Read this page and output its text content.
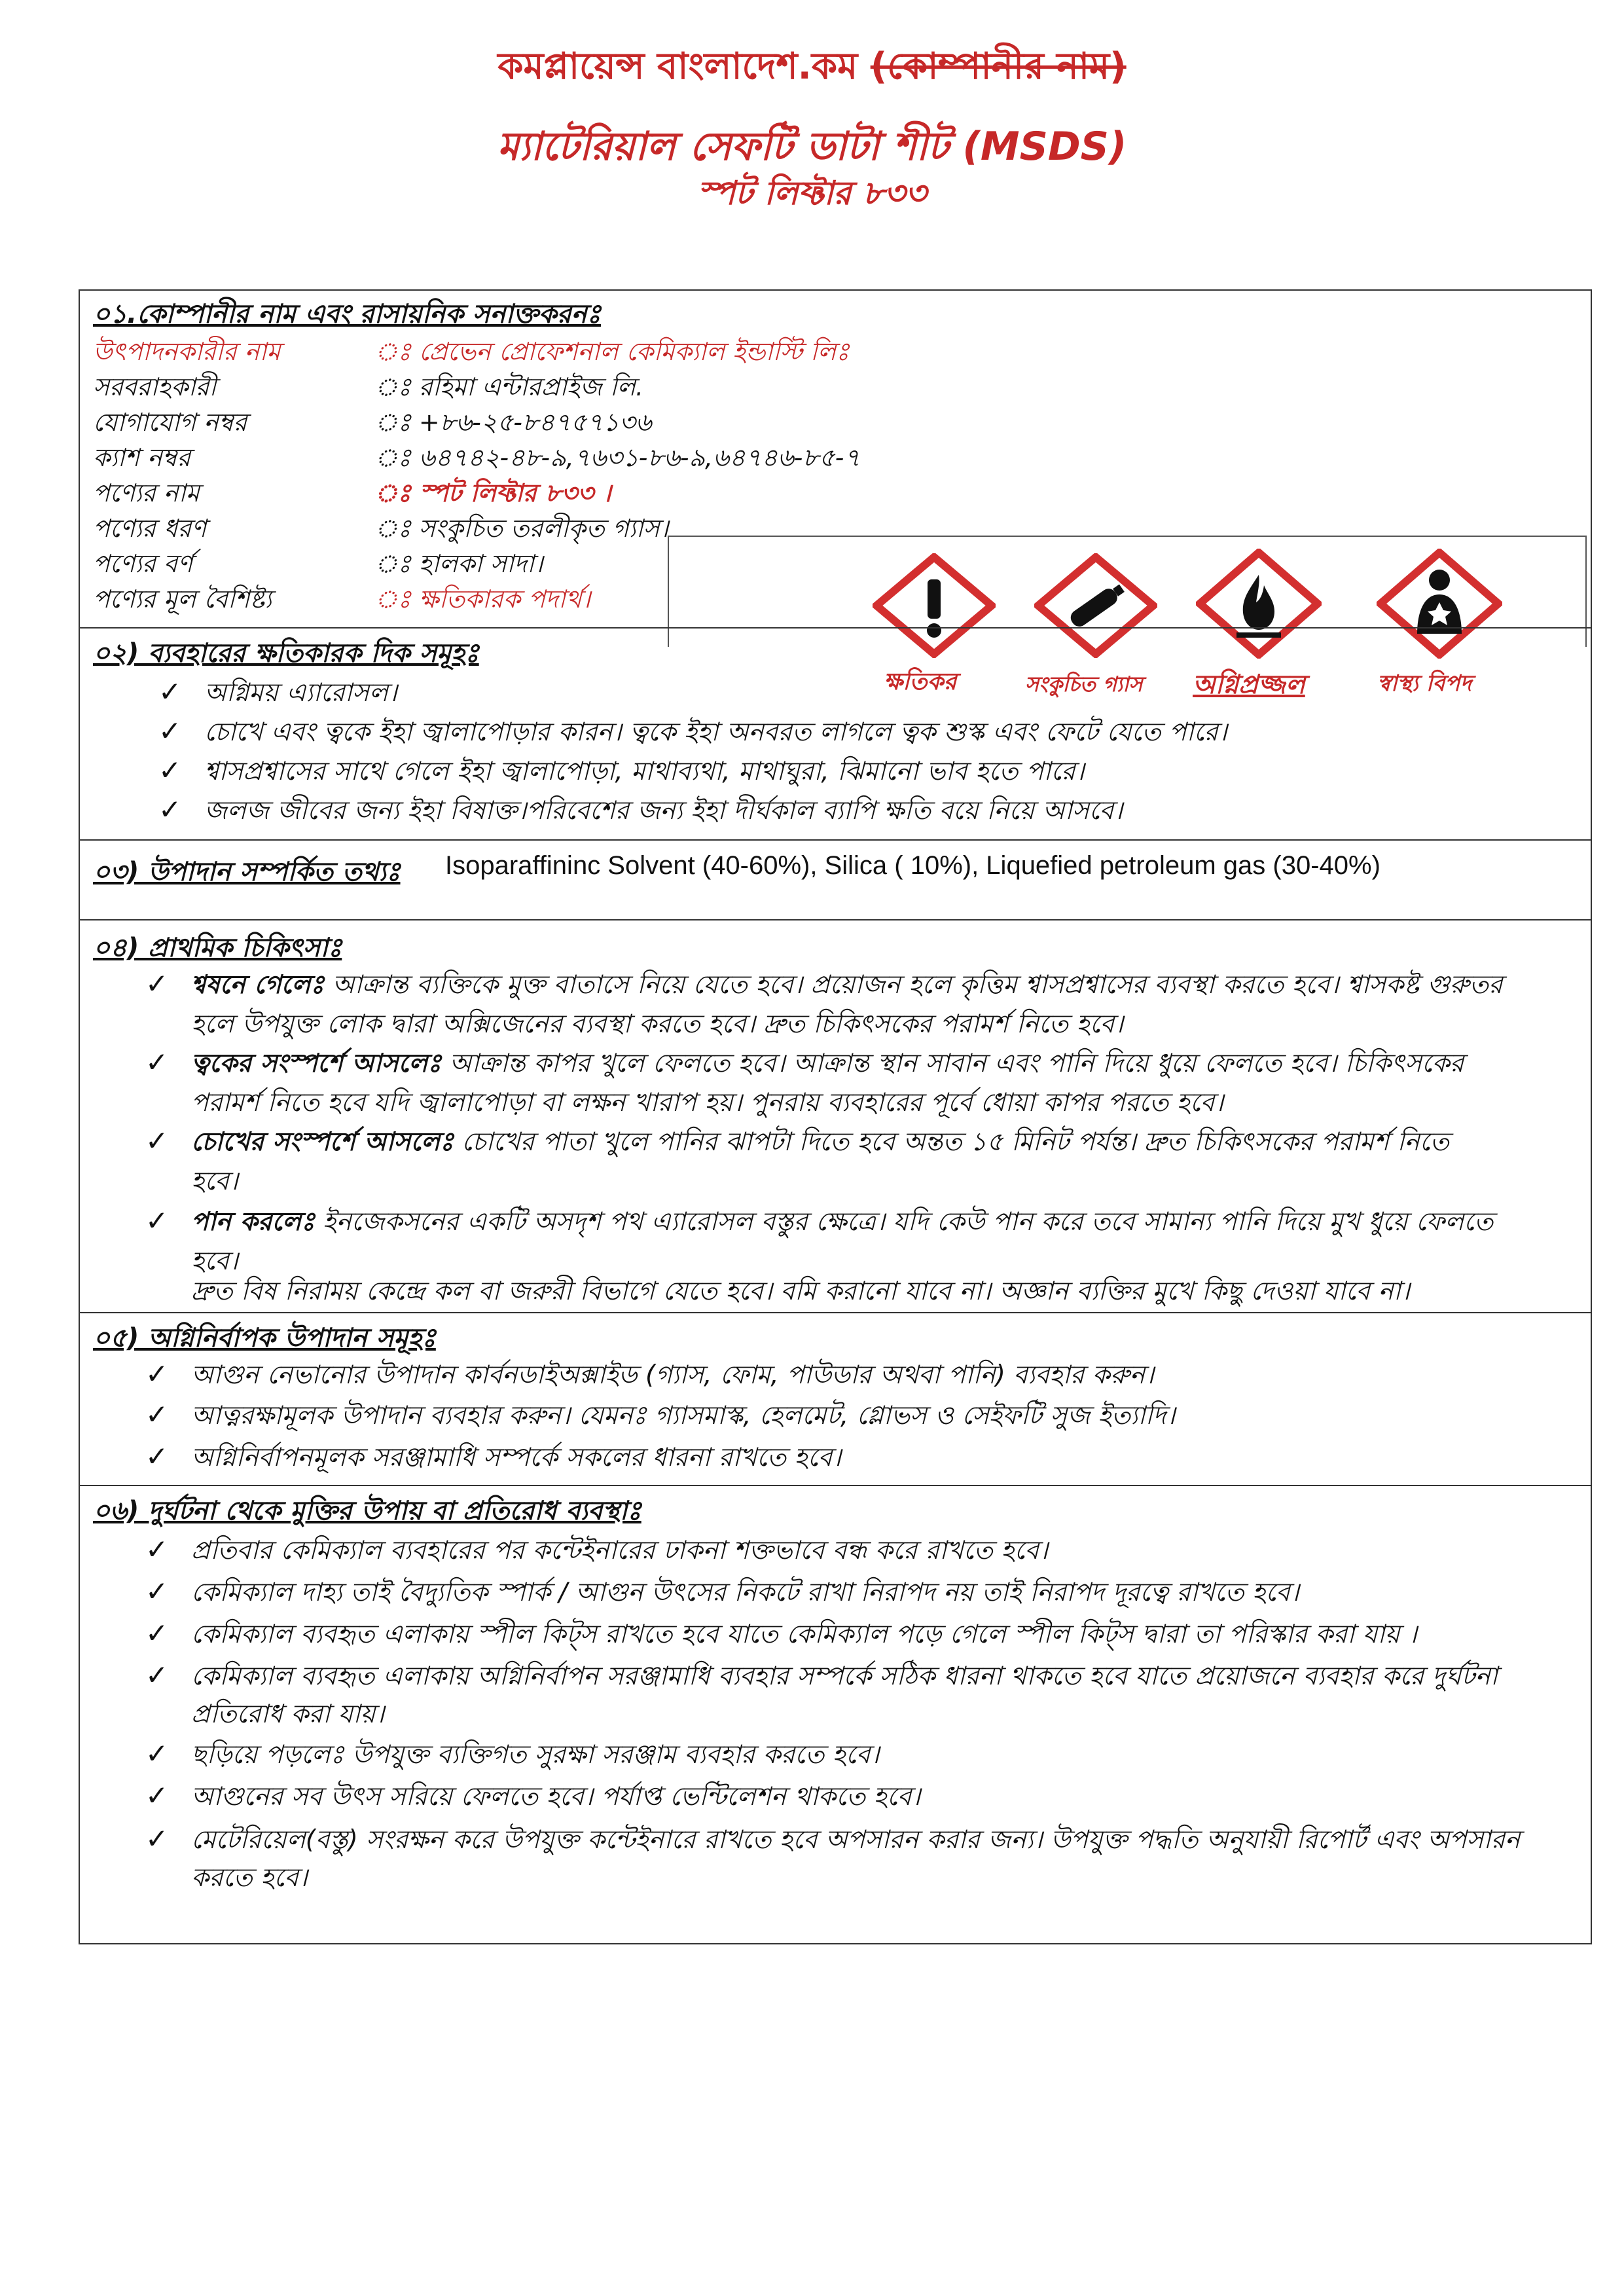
কমপ্লায়েন্স বাংলাদেশ.কম (কোম্পানীর নাম)
ম্যাটেরিয়াল সেফটি ডাটা শীট (MSDS)
স্পট লিফ্টার ৮৩৩
০১.কোম্পানীর নাম এবং রাসায়নিক সনাক্তকরনঃ
উৎপাদনকারীর নাম	ঃ প্রেভেন প্রোফেশনাল কেমিক্যাল ইন্ডাস্টি লিঃ
সরবরাহকারী	ঃ রহিমা এন্টারপ্রাইজ লি.
যোগাযোগ নম্বর	ঃ +৮৬-২৫-৮৪৭৫৭১৩৬
ক্যাশ নম্বর	ঃ ৬৪৭৪২-৪৮-৯,৭৬৩১-৮৬-৯,৬৪৭৪৬-৮৫-৭
পণ্যের নাম	ঃ স্পট লিফ্টার ৮৩৩ ।
পণ্যের ধরণ	ঃ সংকুচিত তরলীকৃত গ্যাস।
পণ্যের বর্ণ	ঃ হালকা সাদা।
পণ্যের মূল বৈশিষ্ট্য	ঃ ক্ষতিকারক পদার্থ।
ক্ষতিকর	সংকুচিত গ্যাস অগ্নিপ্রজ্জল	স্বাস্থ্য বিপদ
০২) ব্যবহারের ক্ষতিকারক দিক সমূহঃ
✓ অগ্নিময় এ্যারোসল।
✓ চোখে এবং ত্বকে ইহা জ্বালাপোড়ার কারন। ত্বকে ইহা অনবরত লাগলে ত্বক শুস্ক এবং ফেটে যেতে পারে।
✓ শ্বাসপ্রশ্বাসের সাথে গেলে ইহা জ্বালাপোড়া, মাথাব্যথা, মাথাঘুরা, ঝিমানো ভাব হতে পারে।
✓ জলজ জীবের জন্য ইহা বিষাক্ত।পরিবেশের জন্য ইহা দীর্ঘকাল ব্যাপি ক্ষতি বয়ে নিয়ে আসবে।
০৩) উপাদান সম্পর্কিত তথ্যঃ Isoparaffininc Solvent (40-60%), Silica ( 10%), Liquefied petroleum gas (30-40%)
০৪) প্রাথমিক চিকিৎসাঃ
✓ শ্বষনে গেলেঃ আক্রান্ত ব্যক্তিকে মুক্ত বাতাসে নিয়ে যেতে হবে। প্রয়োজন হলে কৃত্তিম শ্বাসপ্রশ্বাসের ব্যবস্থা করতে হবে। শ্বাসকষ্ট গুরুতর
হলে উপযুক্ত লোক দ্বারা অক্সিজেনের ব্যবস্থা করতে হবে। দ্রুত চিকিৎসকের পরামর্শ নিতে হবে।
✓ ত্বকের সংস্পর্শে আসলেঃ আক্রান্ত কাপর খুলে ফেলতে হবে। আক্রান্ত স্থান সাবান এবং পানি দিয়ে ধুয়ে ফেলতে হবে। চিকিৎসকের
পরামর্শ নিতে হবে যদি জ্বালাপোড়া বা লক্ষন খারাপ হয়। পুনরায় ব্যবহারের পূর্বে ধোয়া কাপর পরতে হবে।
✓ চোখের সংস্পর্শে আসলেঃ চোখের পাতা খুলে পানির ঝাপটা দিতে হবে অন্তত ১৫ মিনিট পর্যন্ত। দ্রুত চিকিৎসকের পরামর্শ নিতে
হবে।
✓ পান করলেঃ ইনজেকসনের একটি অসদৃশ পথ এ্যারোসল বস্তুর ক্ষেত্রে। যদি কেউ পান করে তবে সামান্য পানি দিয়ে মুখ ধুয়ে ফেলতে
হবে।
দ্রুত বিষ নিরাময় কেন্দ্রে কল বা জরুরী বিভাগে যেতে হবে। বমি করানো যাবে না। অজ্ঞান ব্যক্তির মুখে কিছু দেওয়া যাবে না।
০৫) অগ্নিনির্বাপক উপাদান সমূহঃ
✓ আগুন নেভানোর উপাদান কার্বনডাইঅক্সাইড (গ্যাস, ফোম, পাউডার অথবা পানি) ব্যবহার করুন।
✓ আত্নরক্ষামূলক উপাদান ব্যবহার করুন। যেমনঃ গ্যাসমাস্ক, হেলমেট, গ্লোভস ও সেইফটি সুজ ইত্যাদি।
✓ অগ্নিনির্বাপনমূলক সরঞ্জামাধি সম্পর্কে সকলের ধারনা রাখতে হবে।
০৬) দুর্ঘটনা থেকে মুক্তির উপায় বা প্রতিরোধ ব্যবস্থাঃ
✓ প্রতিবার কেমিক্যাল ব্যবহারের পর কন্টেইনারের ঢাকনা শক্তভাবে বন্ধ করে রাখতে হবে।
✓ কেমিক্যাল দাহ্য তাই বৈদ্যুতিক স্পার্ক / আগুন উৎসের নিকটে রাখা নিরাপদ নয় তাই নিরাপদ দূরত্বে রাখতে হবে।
✓ কেমিক্যাল ব্যবহৃত এলাকায় স্পীল কিট্স রাখতে হবে যাতে কেমিক্যাল পড়ে গেলে স্পীল কিট্স দ্বারা তা পরিস্কার করা যায় ।
✓ কেমিক্যাল ব্যবহৃত এলাকায় অগ্নিনির্বাপন সরঞ্জামাধি ব্যবহার সম্পর্কে সঠিক ধারনা থাকতে হবে যাতে প্রয়োজনে ব্যবহার করে দুর্ঘটনা
প্রতিরোধ করা যায়।
✓ ছড়িয়ে পড়লেঃ উপযুক্ত ব্যক্তিগত সুরক্ষা সরঞ্জাম ব্যবহার করতে হবে।
✓ আগুনের সব উৎস সরিয়ে ফেলতে হবে। পর্যাপ্ত ভেন্টিলেশন থাকতে হবে।
✓ মেটেরিয়েল(বস্তু) সংরক্ষন করে উপযুক্ত কন্টেইনারে রাখতে হবে অপসারন করার জন্য। উপযুক্ত পদ্ধতি অনুযায়ী রিপোর্ট এবং অপসারন
করতে হবে।
